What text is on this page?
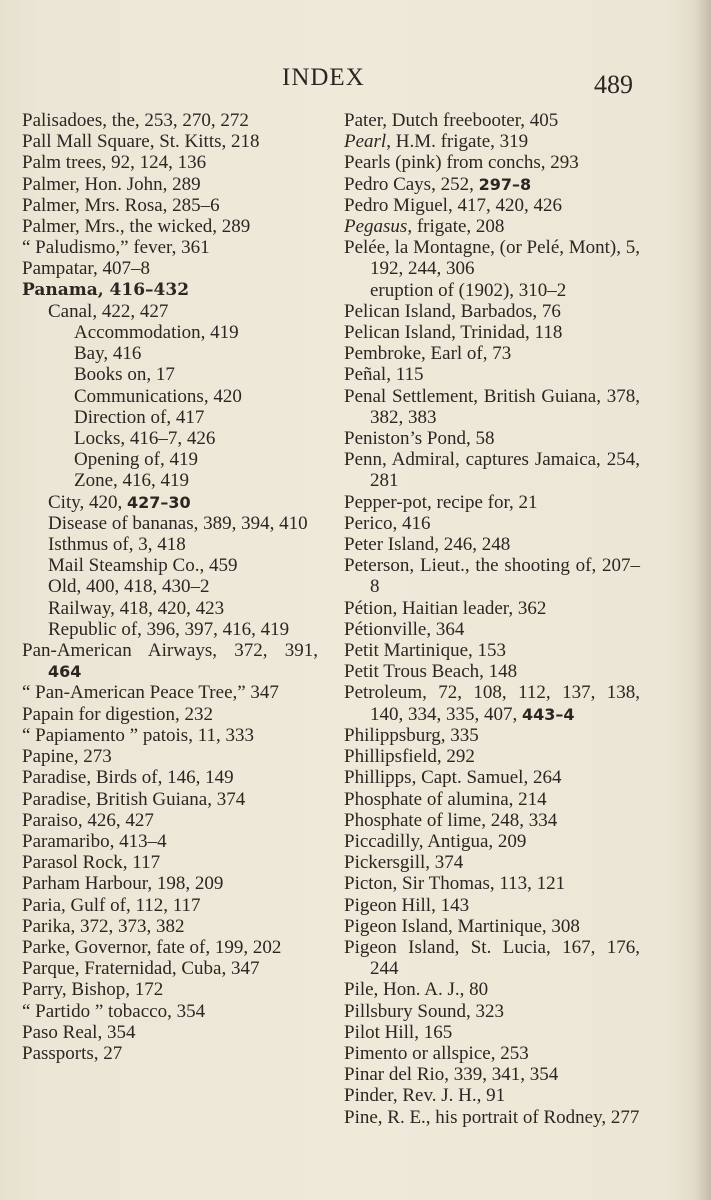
INDEX	489

Palisadoes, the, 253, 270, 272

Pall Mall Square, St. Kitts, 218

Palm trees, 92, 124, 136

Palmer, Hon. John, 289

Palmer, Mrs. Rosa, 285–6

Palmer, Mrs., the wicked, 289

“ Paludismo,” fever, 361

Pampatar, 407–8

Panama, 416–432

Canal, 422, 427

Accommodation, 419

Bay, 416

Books on, 17

Communications, 420

Direction of, 417

Locks, 416–7, 426

Opening of, 419

Zone, 416, 419

City, 420, 427–30

Disease of bananas, 389, 394, 410

Isthmus of, 3, 418

Mail Steamship Co., 459

Old, 400, 418, 430–2

Railway, 418, 420, 423

Republic of, 396, 397, 416, 419

Pan-American Airways, 372, 391, 464

“ Pan-American Peace Tree,” 347

Papain for digestion, 232

“ Papiamento ” patois, 11, 333

Papine, 273

Paradise, Birds of, 146, 149

Paradise, British Guiana, 374

Paraiso, 426, 427

Paramaribo, 413–4

Parasol Rock, 117

Parham Harbour, 198, 209

Paria, Gulf of, 112, 117

Parika, 372, 373, 382

Parke, Governor, fate of, 199, 202

Parque, Fraternidad, Cuba, 347

Parry, Bishop, 172

“ Partido ” tobacco, 354

Paso Real, 354

Passports, 27

Pater, Dutch freebooter, 405

Pearl, H.M. frigate, 319

Pearls (pink) from conchs, 293

Pedro Cays, 252, 297–8

Pedro Miguel, 417, 420, 426

Pegasus, frigate, 208

Pelée, la Montagne, (or Pelé, Mont), 5, 192, 244, 306

eruption of (1902), 310–2

Pelican Island, Barbados, 76

Pelican Island, Trinidad, 118

Pembroke, Earl of, 73

Peñal, 115

Penal Settlement, British Guiana, 378, 382, 383

Peniston’s Pond, 58

Penn, Admiral, captures Jamaica, 254, 281

Pepper-pot, recipe for, 21

Perico, 416

Peter Island, 246, 248

Peterson, Lieut., the shooting of, 207–8

Pétion, Haitian leader, 362

Pétionville, 364

Petit Martinique, 153

Petit Trous Beach, 148

Petroleum, 72, 108, 112, 137, 138, 140, 334, 335, 407, 443–4

Philippsburg, 335

Phillipsfield, 292

Phillipps, Capt. Samuel, 264

Phosphate of alumina, 214

Phosphate of lime, 248, 334

Piccadilly, Antigua, 209

Pickersgill, 374

Picton, Sir Thomas, 113, 121

Pigeon Hill, 143

Pigeon Island, Martinique, 308

Pigeon Island, St. Lucia, 167, 176, 244

Pile, Hon. A. J., 80

Pillsbury Sound, 323

Pilot Hill, 165

Pimento or allspice, 253

Pinar del Rio, 339, 341, 354

Pinder, Rev. J. H., 91

Pine, R. E., his portrait of Rodney, 277
